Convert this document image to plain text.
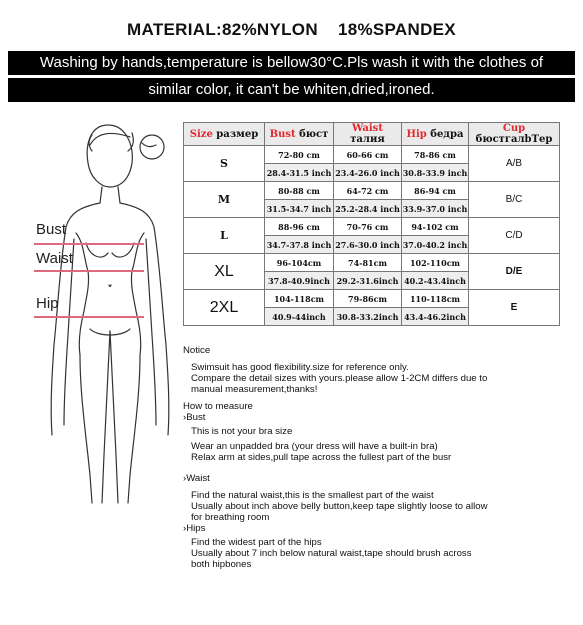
MATERIAL:82%NYLON    18%SPANDEX
Washing by hands,temperature is bellow30°C.Pls wash it with the clothes of
similar color, it can't be whiten,dried,ironed.
Bust
Waist
Hip
Size размер	Bust бюст	Waist талия	Hip бедра	Cup бюстгалbТер
S	72-80 cm	60-66 cm	78-86 cm	A/B
	28.4-31.5 inch	23.4-26.0 inch	30.8-33.9 inch	
M	80-88 cm	64-72 cm	86-94 cm	B/C
	31.5-34.7 inch	25.2-28.4 inch	33.9-37.0 inch	
L	88-96 cm	70-76 cm	94-102 cm	C/D
	34.7-37.8 inch	27.6-30.0 inch	37.0-40.2 inch	
XL	96-104cm	74-81cm	102-110cm	D/E
	37.8-40.9inch	29.2-31.6inch	40.2-43.4inch	
2XL	104-118cm	79-86cm	110-118cm	E
	40.9-44inch	30.8-33.2inch	43.4-46.2inch	

Notice

Swimsuit has good flexibility.size for reference only.

Compare the detail sizes with yours.please allow 1-2CM differs due to

manual measurement,thanks!

How to measure

›Bust

This is not your bra size

Wear an unpadded bra (your dress will have a built-in bra)

Relax arm at sides,pull tape across the fullest part of the busr

›Waist

Find the natural waist,this is the smallest part of the waist

Usually about inch above belly button,keep tape slightly loose to allow

for breathing room

›Hips

Find the widest part of the hips

Usually about 7 inch below natural waist,tape should brush across

both hipbones
